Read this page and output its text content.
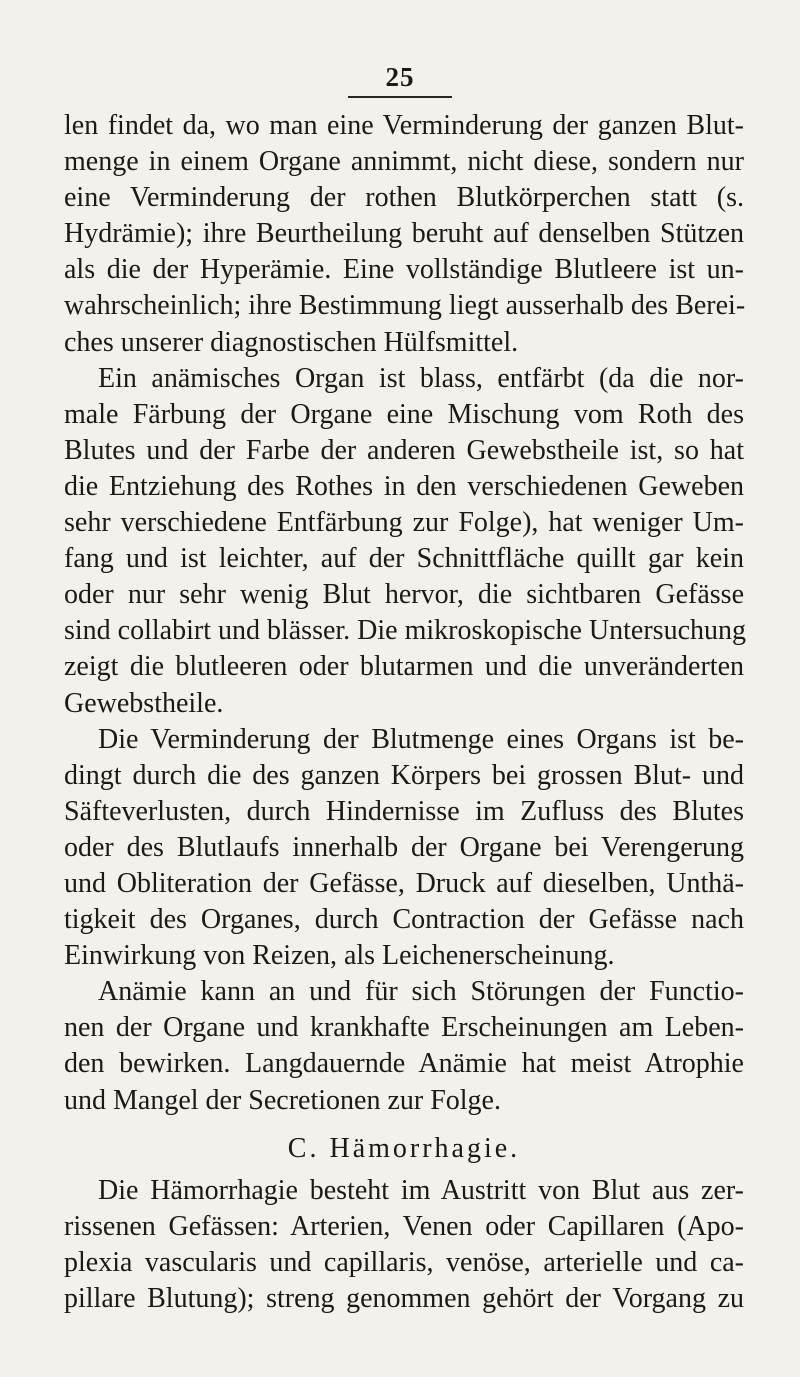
25
len findet da, wo man eine Verminderung der ganzen Blut-
menge in einem Organe annimmt, nicht diese, sondern nur
eine Verminderung der rothen Blutkörperchen statt (s.
Hydrämie); ihre Beurtheilung beruht auf denselben Stützen
als die der Hyperämie. Eine vollständige Blutleere ist un-
wahrscheinlich; ihre Bestimmung liegt ausserhalb des Berei-
ches unserer diagnostischen Hülfsmittel.
Ein anämisches Organ ist blass, entfärbt (da die nor-
male Färbung der Organe eine Mischung vom Roth des
Blutes und der Farbe der anderen Gewebstheile ist, so hat
die Entziehung des Rothes in den verschiedenen Geweben
sehr verschiedene Entfärbung zur Folge), hat weniger Um-
fang und ist leichter, auf der Schnittfläche quillt gar kein
oder nur sehr wenig Blut hervor, die sichtbaren Gefässe
sind collabirt und blässer. Die mikroskopische Untersuchung
zeigt die blutleeren oder blutarmen und die unveränderten
Gewebstheile.
Die Verminderung der Blutmenge eines Organs ist be-
dingt durch die des ganzen Körpers bei grossen Blut- und
Säfteverlusten, durch Hindernisse im Zufluss des Blutes
oder des Blutlaufs innerhalb der Organe bei Verengerung
und Obliteration der Gefässe, Druck auf dieselben, Unthä-
tigkeit des Organes, durch Contraction der Gefässe nach
Einwirkung von Reizen, als Leichenerscheinung.
Anämie kann an und für sich Störungen der Functio-
nen der Organe und krankhafte Erscheinungen am Leben-
den bewirken. Langdauernde Anämie hat meist Atrophie
und Mangel der Secretionen zur Folge.
C. Hämorrhagie.
Die Hämorrhagie besteht im Austritt von Blut aus zer-
rissenen Gefässen: Arterien, Venen oder Capillaren (Apo-
plexia vascularis und capillaris, venöse, arterielle und ca-
pillare Blutung); streng genommen gehört der Vorgang zu
